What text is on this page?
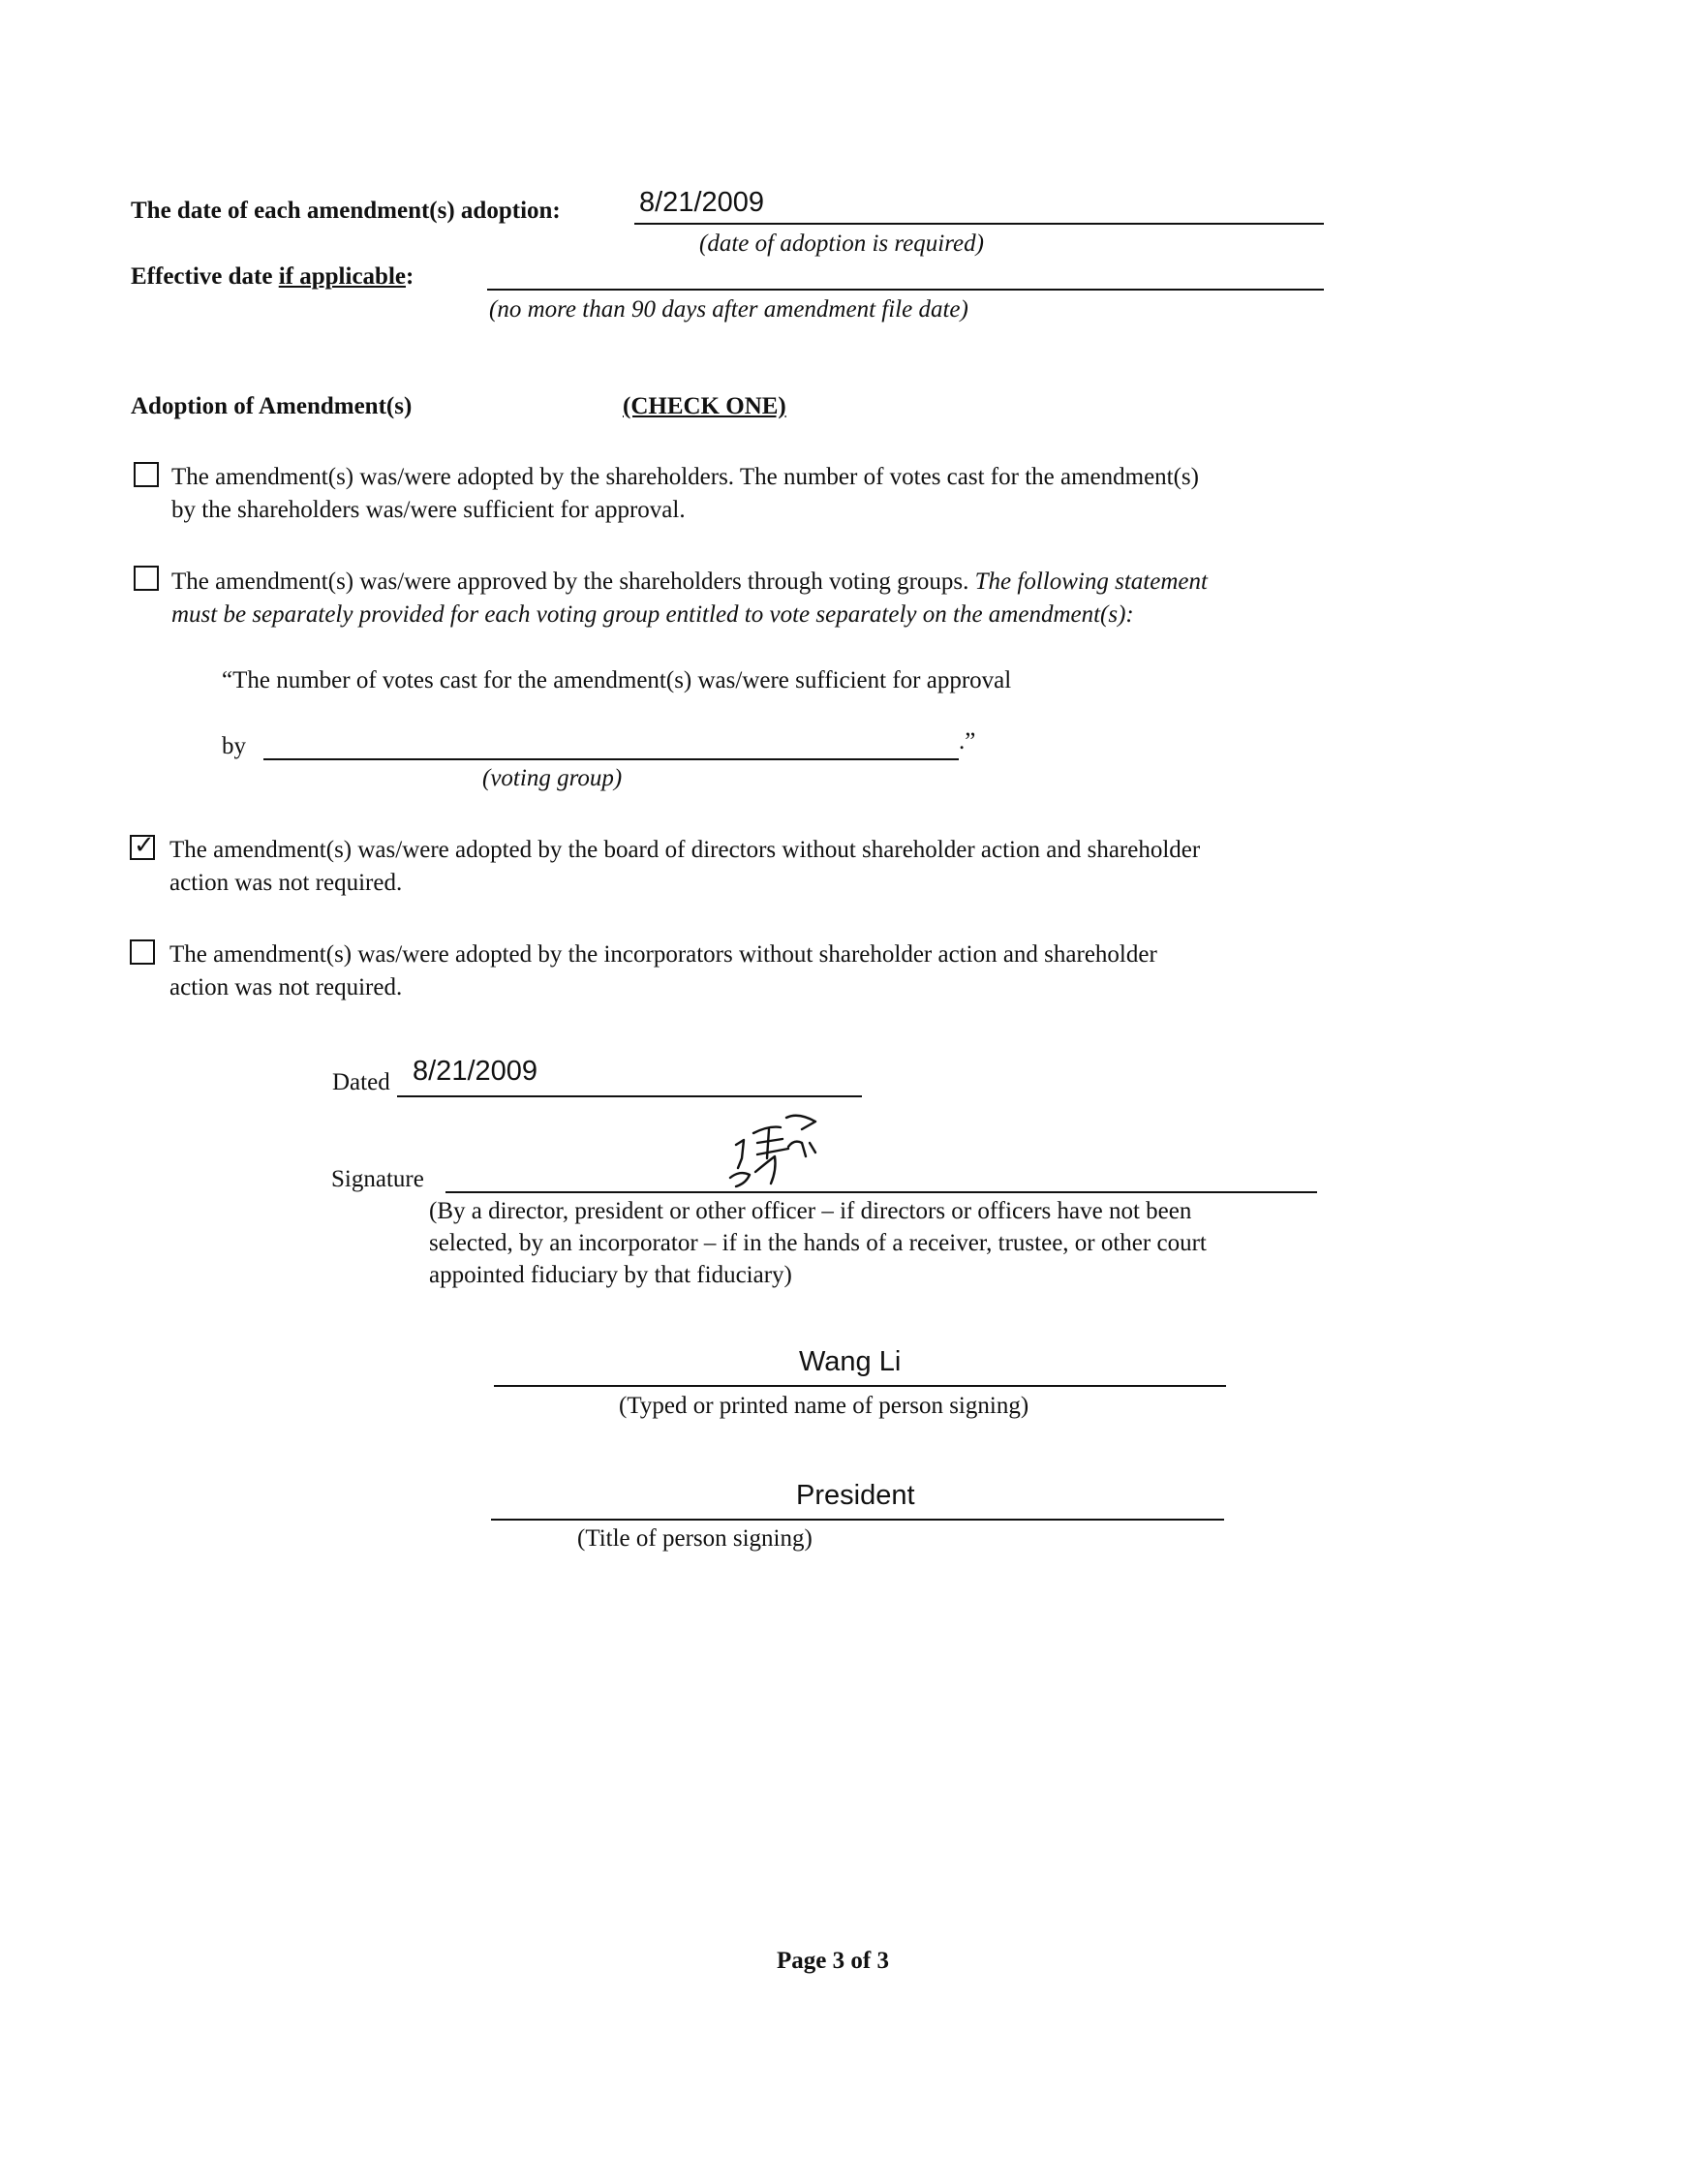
The date of each amendment(s) adoption:	8/21/2009
(date of adoption is required)
Effective date if applicable:
(no more than 90 days after amendment file date)
Adoption of Amendment(s)	(CHECK ONE)
The amendment(s) was/were adopted by the shareholders. The number of votes cast for the amendment(s)
by the shareholders was/were sufficient for approval.
The amendment(s) was/were approved by the shareholders through voting groups. The following statement
must be separately provided for each voting group entitled to vote separately on the amendment(s):
“The number of votes cast for the amendment(s) was/were sufficient for approval
by	.”
(voting group)
✓ The amendment(s) was/were adopted by the board of directors without shareholder action and shareholder
action was not required.
The amendment(s) was/were adopted by the incorporators without shareholder action and shareholder
action was not required.
Dated 8/21/2009
Signature
(By a director, president or other officer – if directors or officers have not been
selected, by an incorporator – if in the hands of a receiver, trustee, or other court
appointed fiduciary by that fiduciary)
Wang Li
(Typed or printed name of person signing)
President
(Title of person signing)
Page 3 of 3
